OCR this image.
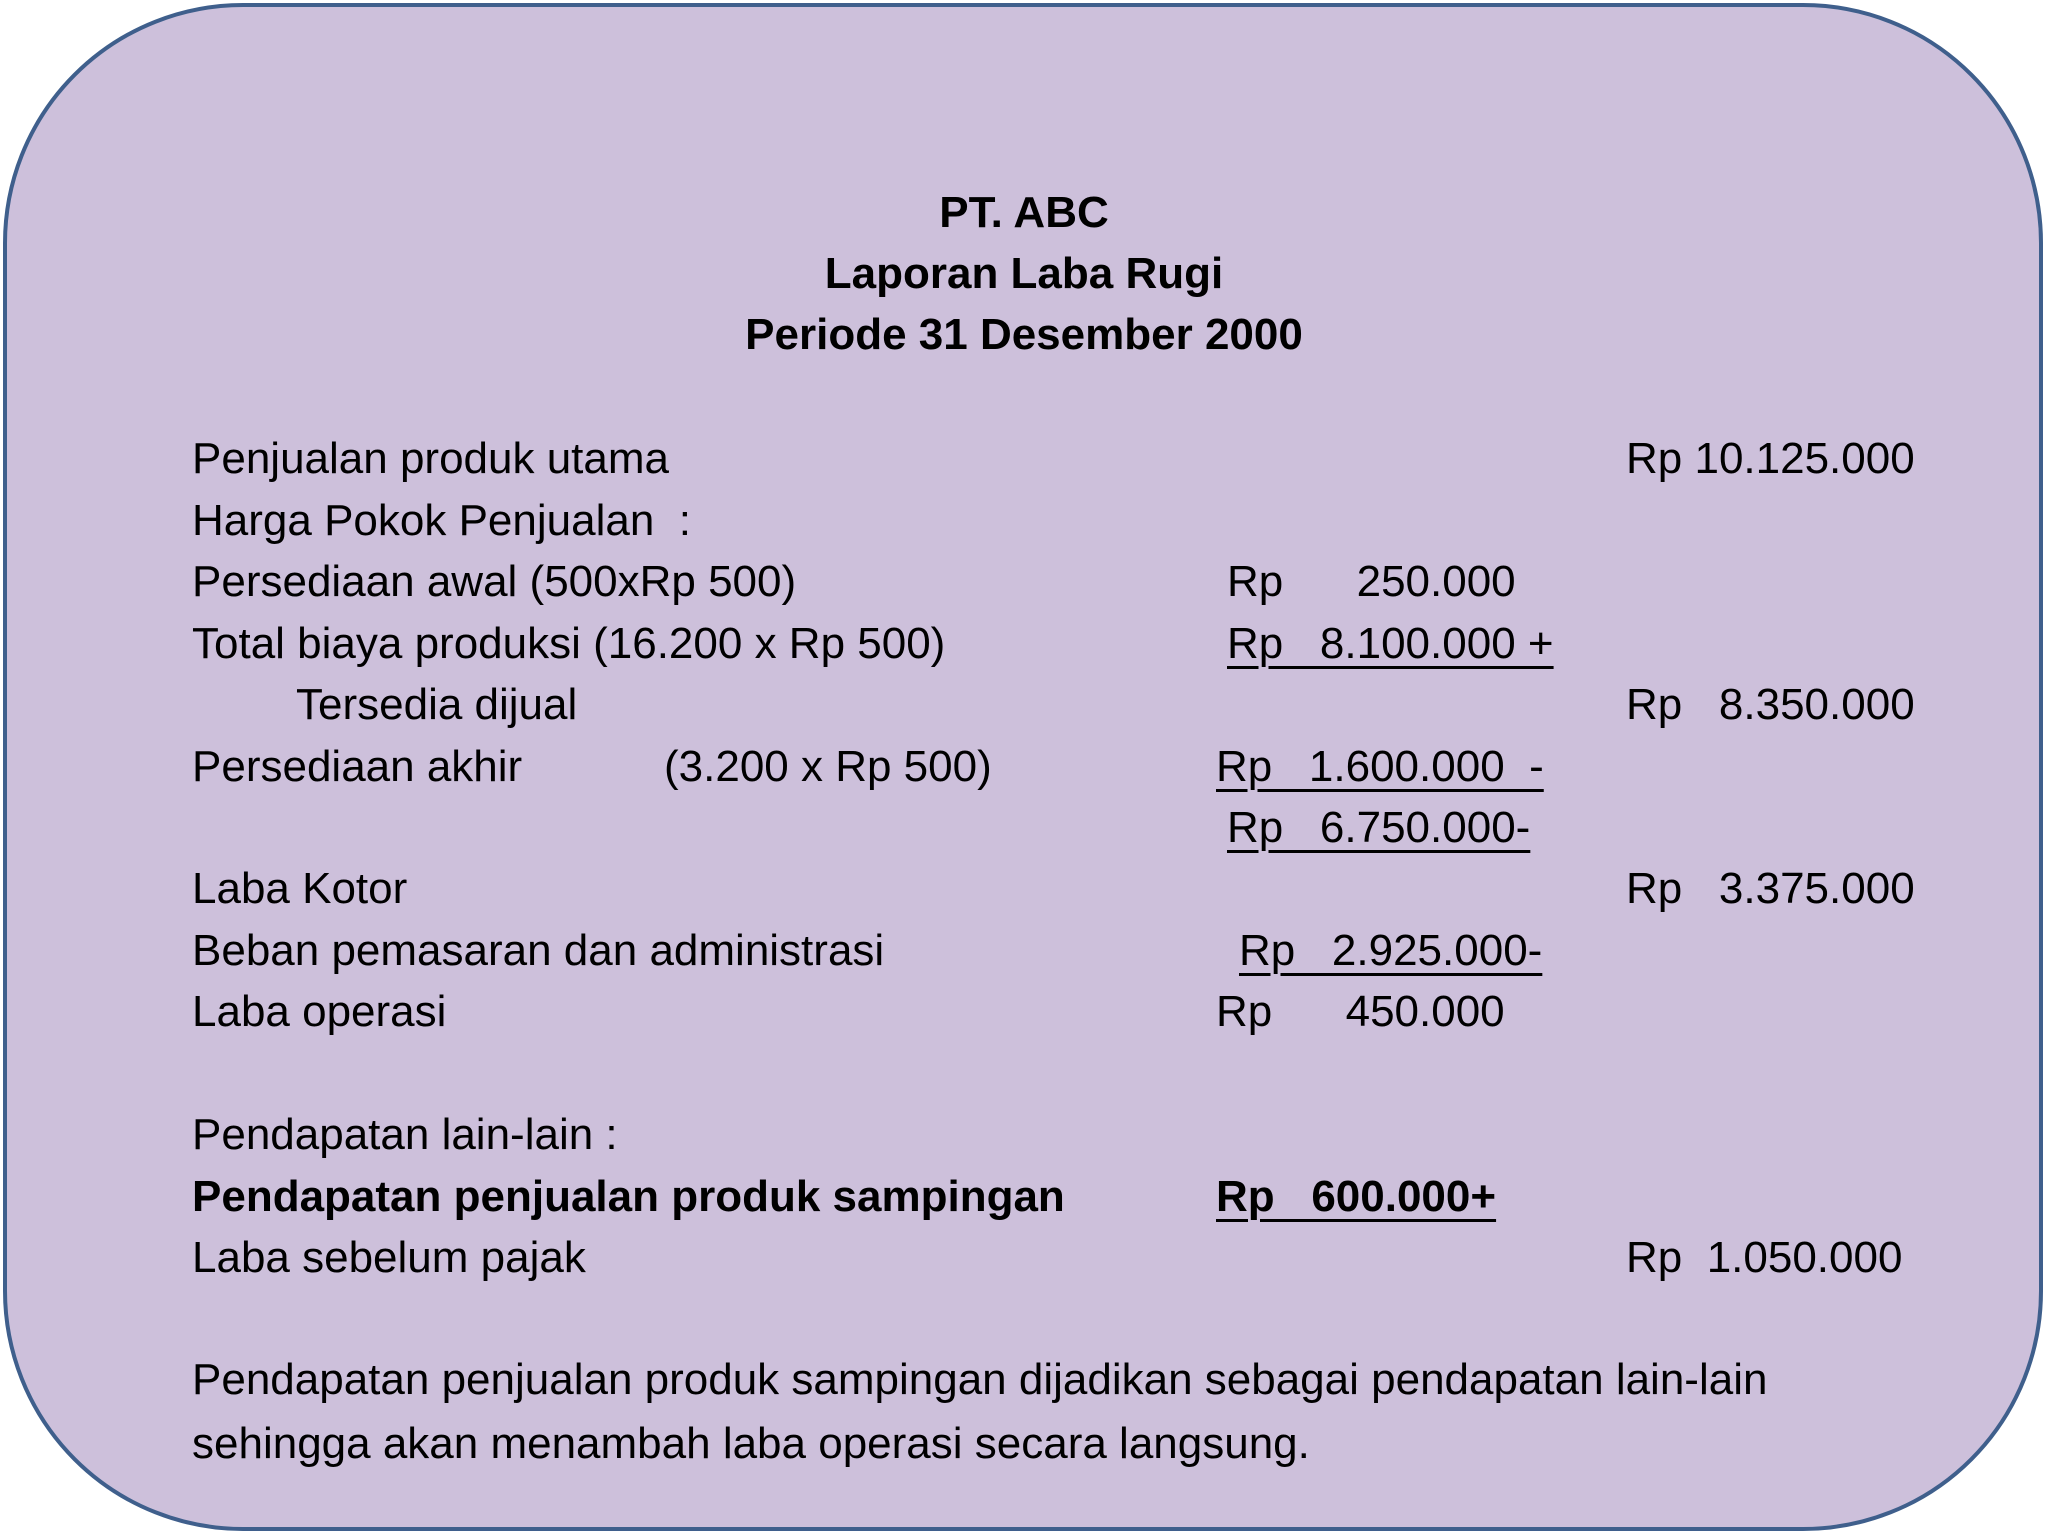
PT. ABC
Laporan Laba Rugi
Periode 31 Desember 2000
Penjualan produk utama	Rp 10.125.000
Harga Pokok Penjualan  :
Persediaan awal (500xRp 500)	Rp      250.000
Total biaya produksi (16.200 x Rp 500)	Rp   8.100.000 +
Tersedia dijual	Rp   8.350.000
Persediaan akhir	(3.200 x Rp 500)	Rp   1.600.000  -
Rp   6.750.000-
Laba Kotor	Rp   3.375.000
Beban pemasaran dan administrasi	Rp   2.925.000-
Laba operasi	Rp      450.000
Pendapatan lain-lain :
Pendapatan penjualan produk sampingan	Rp   600.000+
Laba sebelum pajak	Rp  1.050.000
Pendapatan penjualan produk sampingan dijadikan sebagai pendapatan lain-lain
sehingga akan menambah laba operasi secara langsung.
